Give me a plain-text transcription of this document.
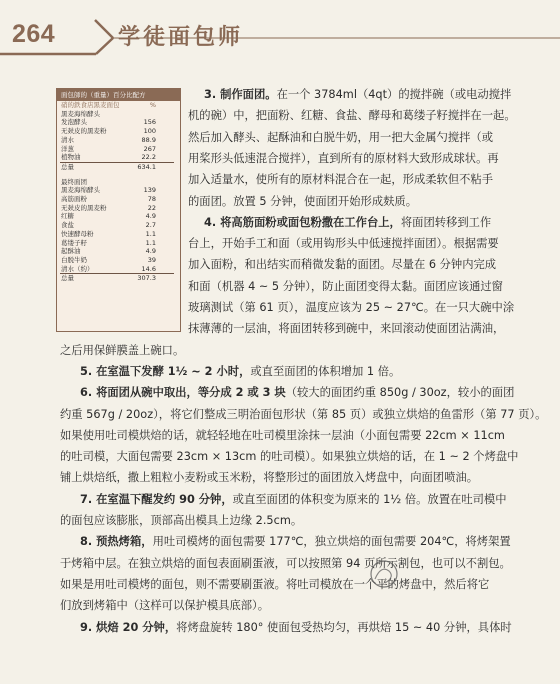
264	学徒面包师
面包師的（重量）百分比配方
硝的鉄食店黑麦面包	%
黑麦海绵酵头
发泡酵头	156
无麸皮的黑麦粉	100
清水	88.9
洋葱	267
植物油	22.2
总量	634.1
最终面团
黑麦海绵酵头	139
高筋面粉	78
无麸皮的黑麦粉	22
红糖	4.9
食盐	2.7
快速酵母粉	1.1
葛缕子籽	1.1
起酥油	4.9
白脱牛奶	39
清水（約）	14.6
总量	307.3
3. 制作面团。在一个 3784ml（4qt）的搅拌碗（或电动搅拌
机的碗）中，把面粉、红糖、食盐、酵母和葛缕子籽搅拌在一起。
然后加入酵头、起酥油和白脱牛奶，用一把大金属勺搅拌（或
用桨形头低速混合搅拌），直到所有的原材料大致形成球状。再
加入适量水，使所有的原材料混合在一起，形成柔软但不粘手
的面团。放置 5 分钟，使面团开始形成麸质。
4. 将高筋面粉或面包粉撒在工作台上，将面团转移到工作
台上，开始手工和面（或用钩形头中低速搅拌面团）。根据需要
加入面粉，和出结实而稍微发黏的面团。尽量在 6 分钟内完成
和面（机器 4 ~ 5 分钟），防止面团变得太黏。面团应该通过窗
玻璃测试（第 61 页），温度应该为 25 ~ 27℃。在一只大碗中涂
抹薄薄的一层油，将面团转移到碗中，来回滚动使面团沾满油，
之后用保鲜膜盖上碗口。
5. 在室温下发酵 1½ ~ 2 小时，或直至面团的体积增加 1 倍。
6. 将面团从碗中取出，等分成 2 或 3 块（较大的面团约重 850g / 30oz，较小的面团
约重 567g / 20oz），将它们整成三明治面包形状（第 85 页）或独立烘焙的鱼雷形（第 77 页）。
如果使用吐司模烘焙的话，就轻轻地在吐司模里涂抹一层油（小面包需要 22cm × 11cm
的吐司模，大面包需要 23cm × 13cm 的吐司模）。如果独立烘焙的话，在 1 ~ 2 个烤盘中
铺上烘焙纸，撒上粗粒小麦粉或玉米粉，将整形过的面团放入烤盘中，向面团喷油。
7. 在室温下醒发约 90 分钟，或直至面团的体积变为原来的 1½ 倍。放置在吐司模中
的面包应该膨胀，顶部高出模具上边缘 2.5cm。
8. 预热烤箱，用吐司模烤的面包需要 177℃，独立烘焙的面包需要 204℃，将烤架置
于烤箱中层。在独立烘焙的面包表面刷蛋液，可以按照第 94 页所示割包，也可以不割包。
如果是用吐司模烤的面包，则不需要刷蛋液。将吐司模放在一个平的烤盘中，然后将它
们放到烤箱中（这样可以保护模具底部）。
9. 烘焙 20 分钟，将烤盘旋转 180° 使面包受热均匀，再烘焙 15 ~ 40 分钟，具体时
